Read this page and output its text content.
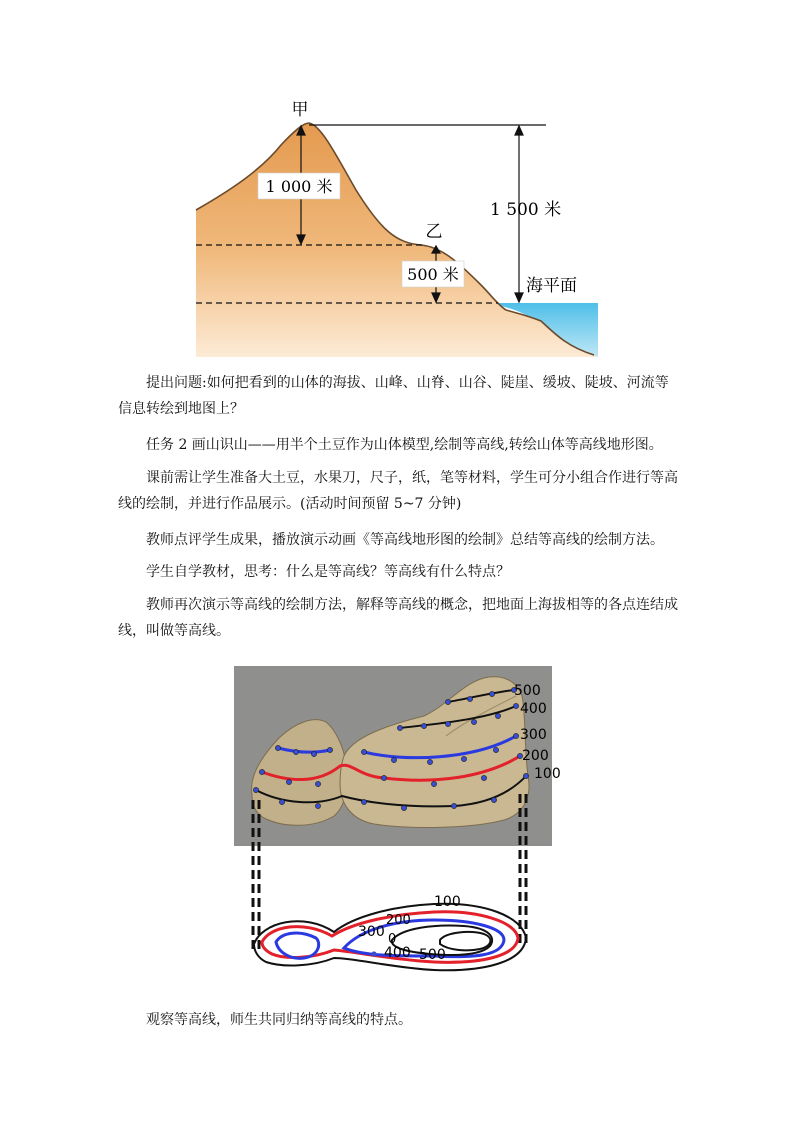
1 000 米
500 米
甲
乙
1 500 米
海平面
提出问题:如何把看到的山体的海拔、山峰、山脊、山谷、陡崖、缓坡、陡坡、河流等信息转绘到地图上？
任务 2 画山识山——用半个土豆作为山体模型,绘制等高线,转绘山体等高线地形图。
课前需让学生准备大土豆，水果刀，尺子，纸，笔等材料，学生可分小组合作进行等高线的绘制，并进行作品展示。(活动时间预留 5~7 分钟)
教师点评学生成果，播放演示动画《等高线地形图的绘制》总结等高线的绘制方法。
学生自学教材，思考：什么是等高线？等高线有什么特点？
教师再次演示等高线的绘制方法，解释等高线的概念，把地面上海拔相等的各点连结成线，叫做等高线。
500
400
300
200
100
100
200
300
400 500
0
观察等高线，师生共同归纳等高线的特点。
